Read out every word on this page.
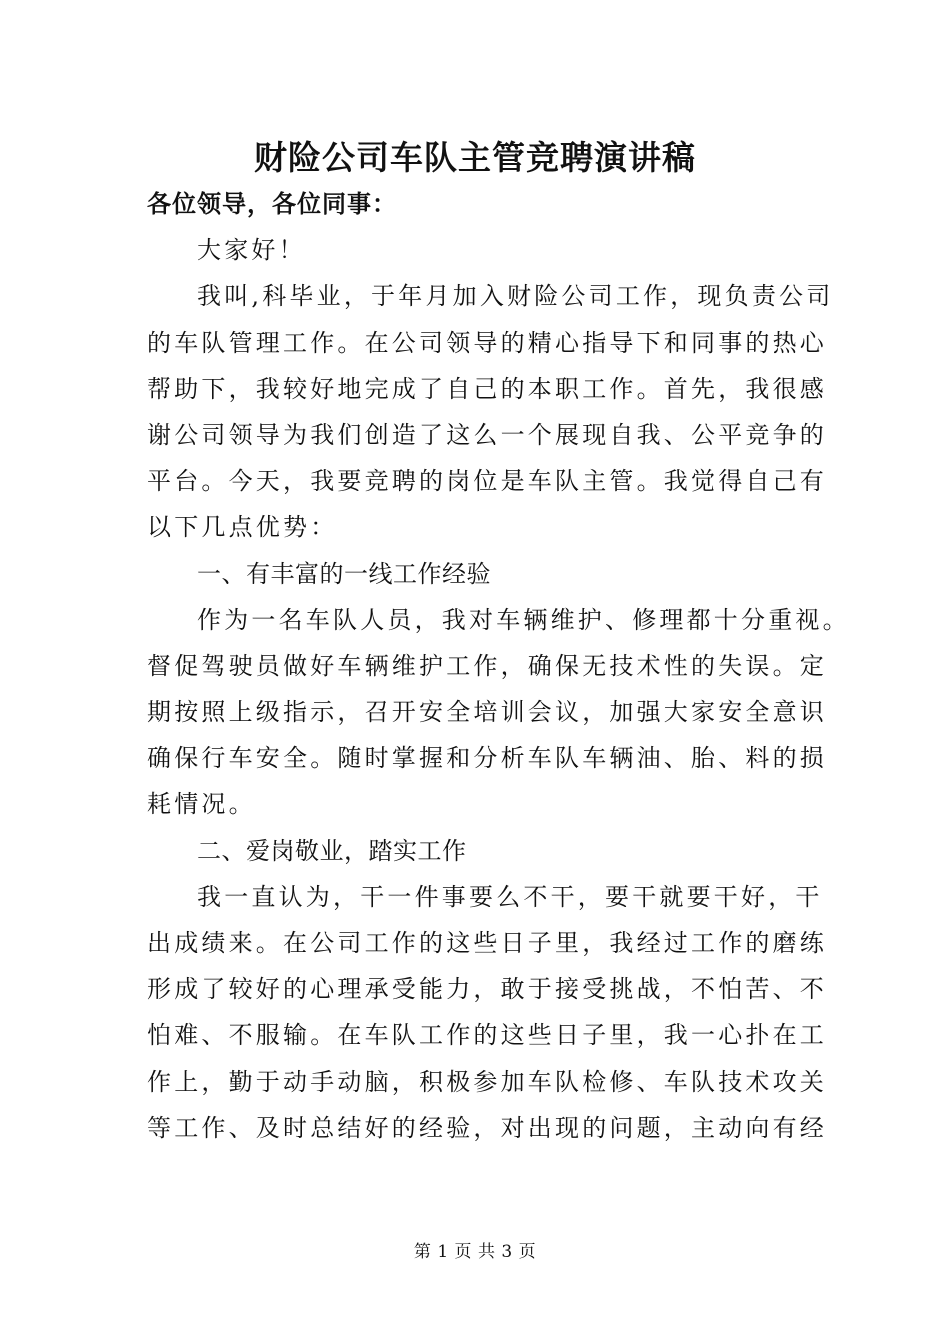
财险公司车队主管竞聘演讲稿
各位领导，各位同事：
大家好！
我叫,科毕业，于年月加入财险公司工作，现负责公司
的车队管理工作。在公司领导的精心指导下和同事的热心
帮助下，我较好地完成了自己的本职工作。首先，我很感
谢公司领导为我们创造了这么一个展现自我、公平竞争的
平台。今天，我要竞聘的岗位是车队主管。我觉得自己有
以下几点优势：
一、有丰富的一线工作经验
作为一名车队人员，我对车辆维护、修理都十分重视。
督促驾驶员做好车辆维护工作，确保无技术性的失误。定
期按照上级指示，召开安全培训会议，加强大家安全意识
确保行车安全。随时掌握和分析车队车辆油、胎、料的损
耗情况。
二、爱岗敬业，踏实工作
我一直认为，干一件事要么不干，要干就要干好，干
出成绩来。在公司工作的这些日子里，我经过工作的磨练
形成了较好的心理承受能力，敢于接受挑战，不怕苦、不
怕难、不服输。在车队工作的这些日子里，我一心扑在工
作上，勤于动手动脑，积极参加车队检修、车队技术攻关
等工作、及时总结好的经验，对出现的问题，主动向有经
第 1 页 共 3 页
